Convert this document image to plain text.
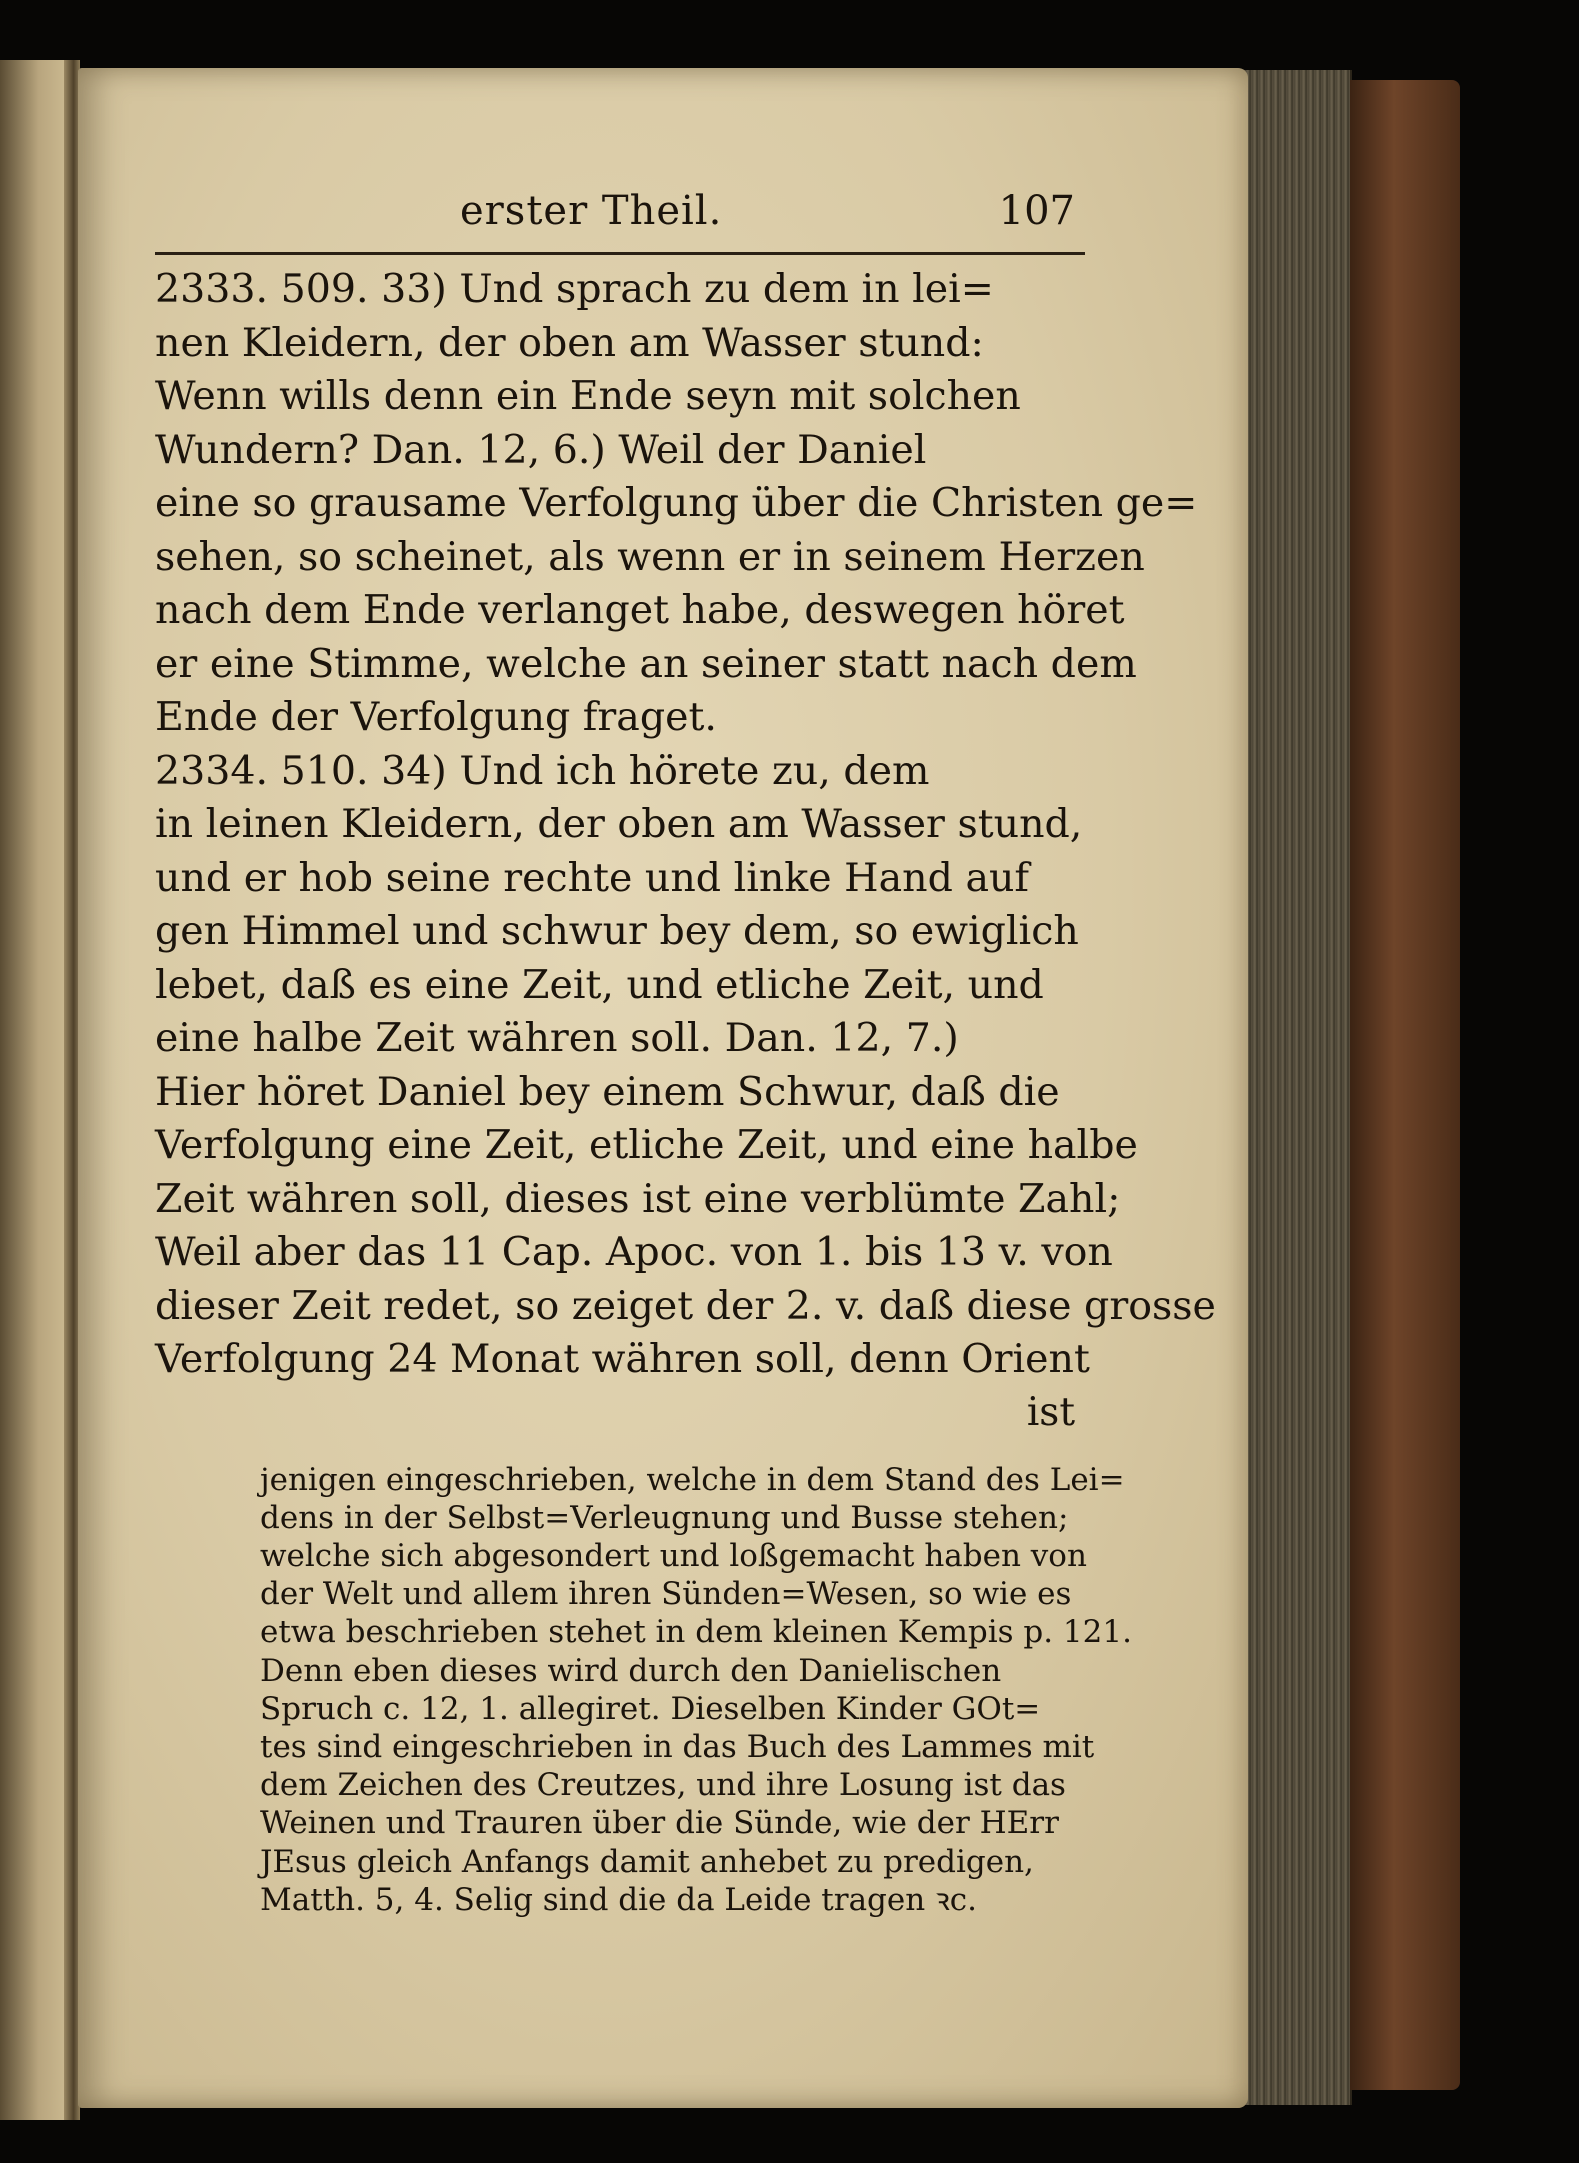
erster Theil.	107

2333. 509. 33) Und sprach zu dem in lei=

nen Kleidern, der oben am Wasser stund:

Wenn wills denn ein Ende seyn mit solchen

Wundern? Dan. 12, 6.) Weil der Daniel

eine so grausame Verfolgung über die Christen ge=

sehen, so scheinet, als wenn er in seinem Herzen

nach dem Ende verlanget habe, deswegen höret

er eine Stimme, welche an seiner statt nach dem

Ende der Verfolgung fraget.

2334. 510. 34) Und ich hörete zu, dem

in leinen Kleidern, der oben am Wasser stund,

und er hob seine rechte und linke Hand auf

gen Himmel und schwur bey dem, so ewiglich

lebet, daß es eine Zeit, und etliche Zeit, und

eine halbe Zeit währen soll. Dan. 12, 7.)

Hier höret Daniel bey einem Schwur, daß die

Verfolgung eine Zeit, etliche Zeit, und eine halbe

Zeit währen soll, dieses ist eine verblümte Zahl;

Weil aber das 11 Cap. Apoc. von 1. bis 13 v. von

dieser Zeit redet, so zeiget der 2. v. daß diese grosse

Verfolgung 24 Monat währen soll, denn Orient

ist

jenigen eingeschrieben, welche in dem Stand des Lei=

dens in der Selbst=Verleugnung und Busse stehen;

welche sich abgesondert und loßgemacht haben von

der Welt und allem ihren Sünden=Wesen, so wie es

etwa beschrieben stehet in dem kleinen Kempis p. 121.

Denn eben dieses wird durch den Danielischen

Spruch c. 12, 1. allegiret. Dieselben Kinder GOt=

tes sind eingeschrieben in das Buch des Lammes mit

dem Zeichen des Creutzes, und ihre Losung ist das

Weinen und Trauren über die Sünde, wie der HErr

JEsus gleich Anfangs damit anhebet zu predigen,

Matth. 5, 4. Selig sind die da Leide tragen ꝛc.
